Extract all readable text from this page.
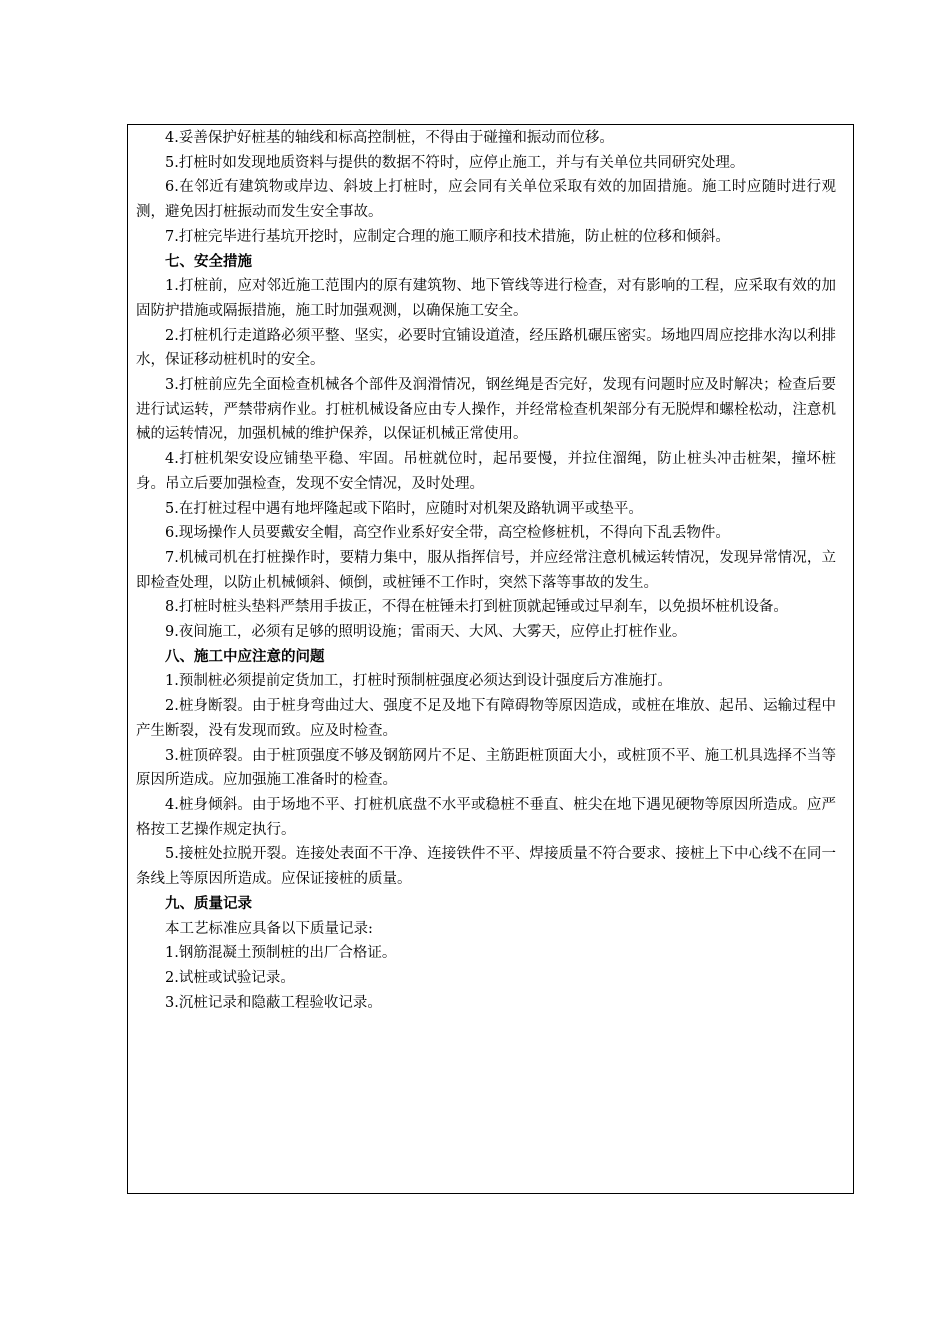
4.妥善保护好桩基的轴线和标高控制桩，不得由于碰撞和振动而位移。

5.打桩时如发现地质资料与提供的数据不符时，应停止施工，并与有关单位共同研究处理。

6.在邻近有建筑物或岸边、斜坡上打桩时，应会同有关单位采取有效的加固措施。施工时应随时进行观测，避免因打桩振动而发生安全事故。

7.打桩完毕进行基坑开挖时，应制定合理的施工顺序和技术措施，防止桩的位移和倾斜。

七、安全措施

1.打桩前，应对邻近施工范围内的原有建筑物、地下管线等进行检查，对有影响的工程，应采取有效的加固防护措施或隔振措施，施工时加强观测，以确保施工安全。

2.打桩机行走道路必须平整、坚实，必要时宜铺设道渣，经压路机碾压密实。场地四周应挖排水沟以利排水，保证移动桩机时的安全。

3.打桩前应先全面检查机械各个部件及润滑情况，钢丝绳是否完好，发现有问题时应及时解决；检查后要进行试运转，严禁带病作业。打桩机械设备应由专人操作，并经常检查机架部分有无脱焊和螺栓松动，注意机械的运转情况，加强机械的维护保养，以保证机械正常使用。

4.打桩机架安设应铺垫平稳、牢固。吊桩就位时，起吊要慢，并拉住溜绳，防止桩头冲击桩架，撞坏桩身。吊立后要加强检查，发现不安全情况，及时处理。

5.在打桩过程中遇有地坪隆起或下陷时，应随时对机架及路轨调平或垫平。

6.现场操作人员要戴安全帽，高空作业系好安全带，高空检修桩机，不得向下乱丢物件。

7.机械司机在打桩操作时，要精力集中，服从指挥信号，并应经常注意机械运转情况，发现异常情况，立即检查处理，以防止机械倾斜、倾倒，或桩锤不工作时，突然下落等事故的发生。

8.打桩时桩头垫料严禁用手拔正，不得在桩锤未打到桩顶就起锤或过早刹车，以免损坏桩机设备。

9.夜间施工，必须有足够的照明设施；雷雨天、大风、大雾天，应停止打桩作业。

八、施工中应注意的问题

1.预制桩必须提前定货加工，打桩时预制桩强度必须达到设计强度后方准施打。

2.桩身断裂。由于桩身弯曲过大、强度不足及地下有障碍物等原因造成，或桩在堆放、起吊、运输过程中产生断裂，没有发现而致。应及时检查。

3.桩顶碎裂。由于桩顶强度不够及钢筋网片不足、主筋距桩顶面大小，或桩顶不平、施工机具选择不当等原因所造成。应加强施工准备时的检查。

4.桩身倾斜。由于场地不平、打桩机底盘不水平或稳桩不垂直、桩尖在地下遇见硬物等原因所造成。应严格按工艺操作规定执行。

5.接桩处拉脱开裂。连接处表面不干净、连接铁件不平、焊接质量不符合要求、接桩上下中心线不在同一条线上等原因所造成。应保证接桩的质量。

九、质量记录

本工艺标准应具备以下质量记录:

1.钢筋混凝土预制桩的出厂合格证。

2.试桩或试验记录。

3.沉桩记录和隐蔽工程验收记录。
